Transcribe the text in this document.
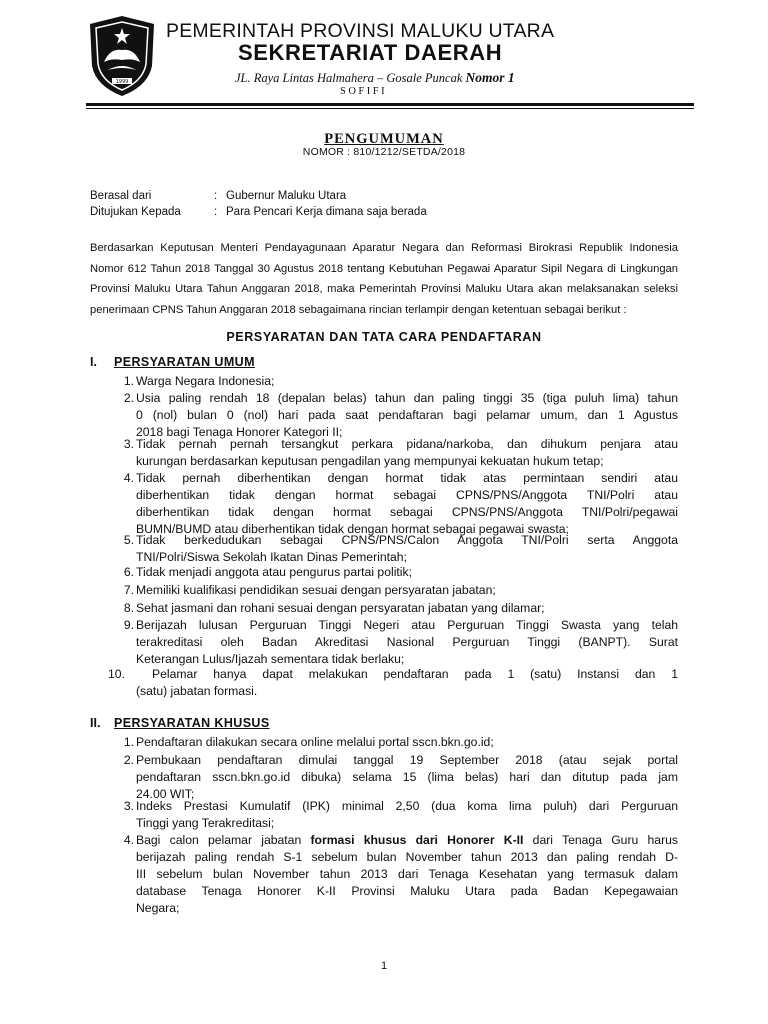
1999
PEMERINTAH PROVINSI MALUKU UTARA
SEKRETARIAT DAERAH
JL. Raya Lintas Halmahera – Gosale Puncak Nomor 1
SOFIFI
PENGUMUMAN
NOMOR : 810/1212/SETDA/2018
Berasal dari	: Gubernur Maluku Utara
Ditujukan Kepada	: Para Pencari Kerja dimana saja berada
Berdasarkan Keputusan Menteri Pendayagunaan Aparatur Negara dan Reformasi Birokrasi Republik Indonesia
Nomor 612 Tahun 2018 Tanggal 30 Agustus 2018 tentang Kebutuhan Pegawai Aparatur Sipil Negara di Lingkungan
Provinsi Maluku Utara Tahun Anggaran 2018, maka Pemerintah Provinsi Maluku Utara akan melaksanakan seleksi
penerimaan CPNS Tahun Anggaran 2018 sebagaimana rincian terlampir dengan ketentuan sebagai berikut :
PERSYARATAN DAN TATA CARA PENDAFTARAN
I. PERSYARATAN UMUM
1. Warga Negara Indonesia;
2. Usia paling rendah 18 (depalan belas) tahun dan paling tinggi 35 (tiga puluh lima) tahun
0 (nol) bulan 0 (nol) hari pada saat pendaftaran bagi pelamar umum, dan 1 Agustus
2018 bagi Tenaga Honorer Kategori II;
3. Tidak pernah pernah tersangkut perkara pidana/narkoba, dan dihukum penjara atau
kurungan berdasarkan keputusan pengadilan yang mempunyai kekuatan hukum tetap;
4. Tidak pernah diberhentikan dengan hormat tidak atas permintaan sendiri atau
diberhentikan tidak dengan hormat sebagai CPNS/PNS/Anggota TNI/Polri atau
diberhentikan tidak dengan hormat sebagai CPNS/PNS/Anggota TNI/Polri/pegawai
BUMN/BUMD atau diberhentikan tidak dengan hormat sebagai pegawai swasta;
5. Tidak berkedudukan sebagai CPNS/PNS/Calon Anggota TNI/Polri serta Anggota
TNI/Polri/Siswa Sekolah Ikatan Dinas Pemerintah;
6. Tidak menjadi anggota atau pengurus partai politik;
7. Memiliki kualifikasi pendidikan sesuai dengan persyaratan jabatan;
8. Sehat jasmani dan rohani sesuai dengan persyaratan jabatan yang dilamar;
9. Berijazah lulusan Perguruan Tinggi Negeri atau Perguruan Tinggi Swasta yang telah
terakreditasi oleh Badan Akreditasi Nasional Perguruan Tinggi (BANPT). Surat
Keterangan Lulus/Ijazah sementara tidak berlaku;
10.	Pelamar hanya dapat melakukan pendaftaran pada 1 (satu) Instansi dan 1
(satu) jabatan formasi.
II. PERSYARATAN KHUSUS
1. Pendaftaran dilakukan secara online melalui portal sscn.bkn.go.id;
2. Pembukaan pendaftaran dimulai tanggal 19 September 2018 (atau sejak portal
pendaftaran sscn.bkn.go.id dibuka) selama 15 (lima belas) hari dan ditutup pada jam
24.00 WIT;
3. Indeks Prestasi Kumulatif (IPK) minimal 2,50 (dua koma lima puluh) dari Perguruan
Tinggi yang Terakreditasi;
4. Bagi calon pelamar jabatan formasi khusus dari Honorer K-II dari Tenaga Guru harus
berijazah paling rendah S-1 sebelum bulan November tahun 2013 dan paling rendah D-
III sebelum bulan November tahun 2013 dari Tenaga Kesehatan yang termasuk dalam
database Tenaga Honorer K-II Provinsi Maluku Utara pada Badan Kepegawaian
Negara;
1
